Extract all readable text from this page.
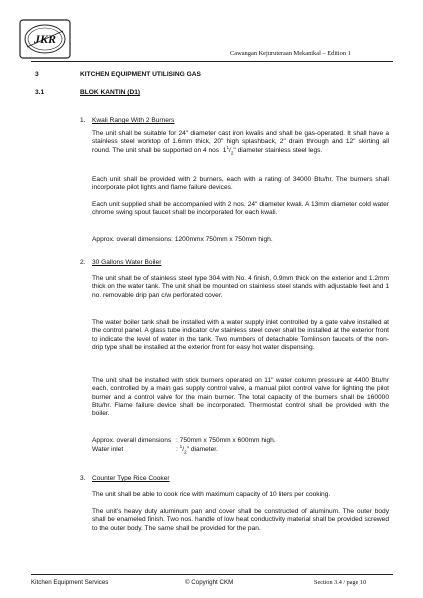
JKR
Cawangan Kejuruteraan Mekanikal – Edition 1
3	KITCHEN EQUIPMENT UTILISING GAS
3.1	BLOK KANTIN (D1)
1. Kwali Range With 2 Burners
The unit shall be suitable for 24" diameter cast iron kwalis and shall be gas-operated. It shall have a stainless steel worktop of 1.6mm thick, 20" high splashback, 2" drain through and 12" skirting all round. The unit shall be supported on 4 nos $1^1/_2$" diameter stainless steel legs.
Each unit shall be provided with 2 burners, each with a rating of 34000 Btu/hr. The burners shall incorporate pilot lights and flame failure devices.
Each unit supplied shall be accompanied with 2 nos. 24" diameter kwali. A 13mm diameter cold water chrome swing spout faucet shall be incorporated for each kwali.
Approx. overall dimensions: 1200mmx 750mm x 750mm high.
2. 30 Gallons Water Boiler
The unit shall be of stainless steel type 304 with No. 4 finish, 0.9mm thick on the exterior and 1.2mm thick on the water tank. The unit shall be mounted on stainless steel stands with adjustable feet and 1 no. removable drip pan c/w perforated cover.
The water boiler tank shall be installed with a water supply inlet controlled by a gate valve installed at the control panel. A glass tube indicator c/w stainless steel cover shall be installed at the exterior front to indicate the level of water in the tank. Two numbers of detachable Tomlinson faucets of the non-drip type shall be installed at the exterior front for easy hot water dispensing.
The unit shall be installed with stick burners operated on 11" water column pressure at 4400 Btu/hr each, controlled by a main gas supply control valve, a manual pilot control valve for lighting the pilot burner and a control valve for the main burner. The total capacity of the burners shall be 160000 Btu/hr. Flame failure device shall be incorporated. Thermostat control shall be provided with the boiler.
Approx. overall dimensions : 750mm x 750mm x 600mm high.
Water inlet	: $^1/_2$" diameter.
3. Counter Type Rice Cooker
The unit shall be able to cook rice with maximum capacity of 10 liters per cooking.
The unit's heavy duty aluminum pan and cover shall be constructed of aluminum. The outer body shall be enameled finish. Two nos. handle of low heat conductivity material shall be provided screwed to the outer body. The same shall be provided for the pan.
Kitchen Equipment Services	© Copyright CKM	Section 3.4 / page 10
